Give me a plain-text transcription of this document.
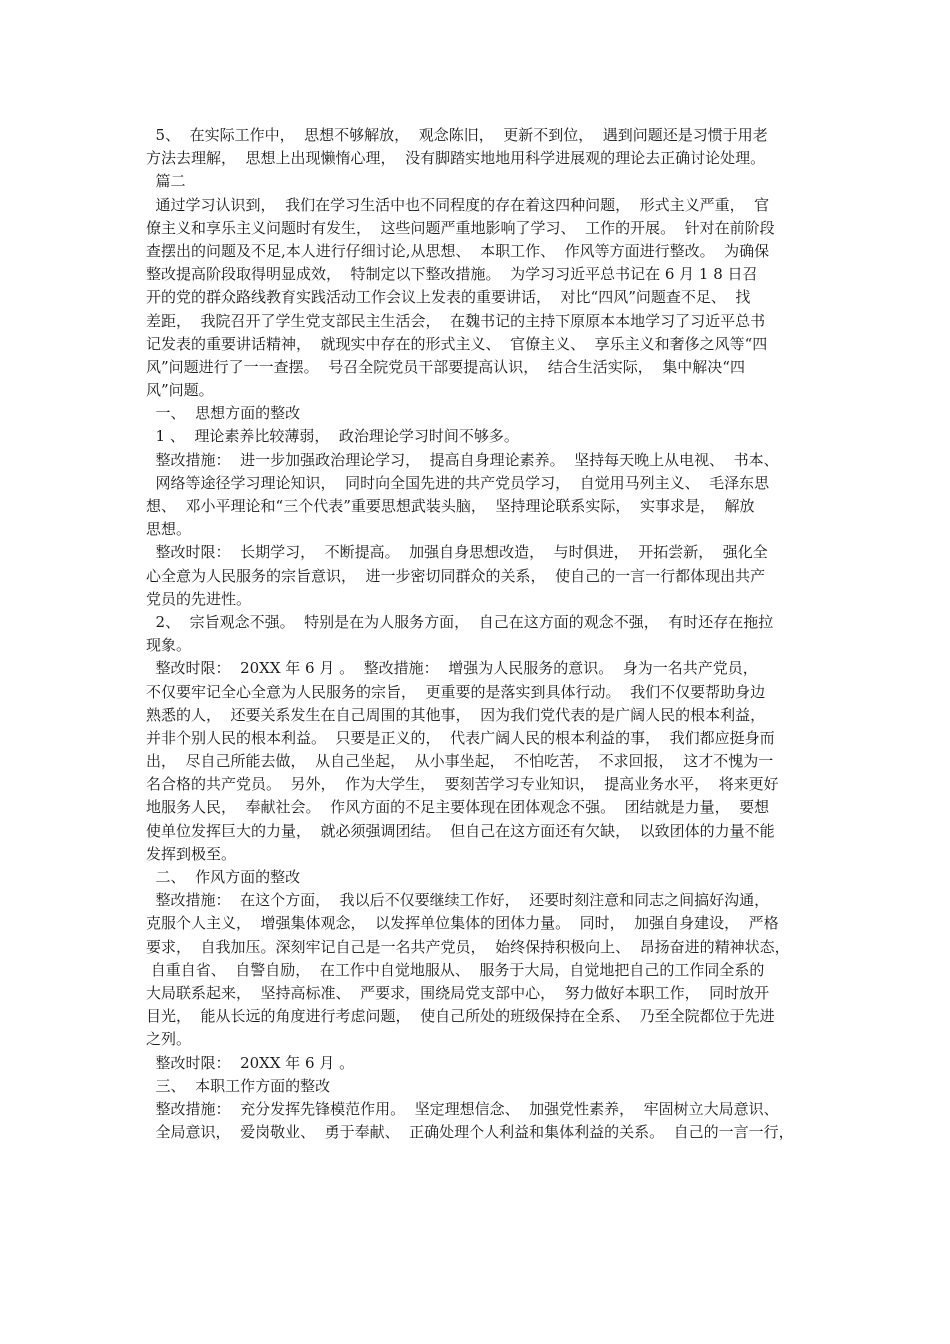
5、  在实际工作中，  思想不够解放，  观念陈旧，  更新不到位，  遇到问题还是习惯于用老
方法去理解，  思想上出现懒惰心理，  没有脚踏实地地用科学进展观的理论去正确讨论处理。
篇二
通过学习认识到，  我们在学习生活中也不同程度的存在着这四种问题，  形式主义严重，  官
僚主义和享乐主义问题时有发生，  这些问题严重地影响了学习、  工作的开展。  针对在前阶段
查摆出的问题及不足,本人进行仔细讨论,从思想、  本职工作、  作风等方面进行整改。  为确保
整改提高阶段取得明显成效，  特制定以下整改措施。  为学习习近平总书记在 6 月 1 8 日召
开的党的群众路线教育实践活动工作会议上发表的重要讲话，  对比“四风”问题查不足、  找
差距，  我院召开了学生党支部民主生活会，  在魏书记的主持下原原本本地学习了习近平总书
记发表的重要讲话精神，  就现实中存在的形式主义、  官僚主义、  享乐主义和奢侈之风等“四
风”问题进行了一一查摆。  号召全院党员干部要提高认识，  结合生活实际，  集中解决“四
风”问题。
一、  思想方面的整改
1 、  理论素养比较薄弱，  政治理论学习时间不够多。
整改措施：  进一步加强政治理论学习，  提高自身理论素养。  坚持每天晚上从电视、  书本、
网络等途径学习理论知识，  同时向全国先进的共产党员学习，  自觉用马列主义、  毛泽东思
想、  邓小平理论和“三个代表”重要思想武装头脑，  坚持理论联系实际，  实事求是，  解放
思想。
整改时限：  长期学习，  不断提高。  加强自身思想改造，  与时俱进，  开拓尝新，  强化全
心全意为人民服务的宗旨意识，  进一步密切同群众的关系，  使自己的一言一行都体现出共产
党员的先进性。
2、  宗旨观念不强。  特别是在为人服务方面，  自己在这方面的观念不强，  有时还存在拖拉
现象。
整改时限：  20XX 年 6 月 。  整改措施：  增强为人民服务的意识。  身为一名共产党员，
不仅要牢记全心全意为人民服务的宗旨，  更重要的是落实到具体行动。  我们不仅要帮助身边
熟悉的人，  还要关系发生在自己周围的其他事，  因为我们党代表的是广阔人民的根本利益，
并非个别人民的根本利益。  只要是正义的，  代表广阔人民的根本利益的事，  我们都应挺身而
出，  尽自己所能去做，  从自己坐起，  从小事坐起，  不怕吃苦，  不求回报，  这才不愧为一
名合格的共产党员。  另外，  作为大学生，  要刻苦学习专业知识，  提高业务水平，  将来更好
地服务人民，  奉献社会。  作风方面的不足主要体现在团体观念不强。  团结就是力量，  要想
使单位发挥巨大的力量，  就必须强调团结。  但自己在这方面还有欠缺，  以致团体的力量不能
发挥到极至。
二、  作风方面的整改
整改措施：  在这个方面，  我以后不仅要继续工作好，  还要时刻注意和同志之间搞好沟通，
克服个人主义，  增强集体观念，  以发挥单位集体的团体力量。  同时，  加强自身建设，  严格
要求，  自我加压。深刻牢记自己是一名共产党员，  始终保持积极向上、  昂扬奋进的精神状态，
自重自省、  自警自励，  在工作中自觉地服从、  服务于大局，自觉地把自己的工作同全系的
大局联系起来，  坚持高标准、  严要求，围绕局党支部中心，  努力做好本职工作，  同时放开
目光，  能从长远的角度进行考虑问题，  使自己所处的班级保持在全系、  乃至全院都位于先进
之列。
整改时限：  20XX 年 6 月 。
三、  本职工作方面的整改
整改措施：  充分发挥先锋模范作用。  坚定理想信念、  加强党性素养，  牢固树立大局意识、
全局意识，  爱岗敬业、  勇于奉献、  正确处理个人利益和集体利益的关系。  自己的一言一行，
